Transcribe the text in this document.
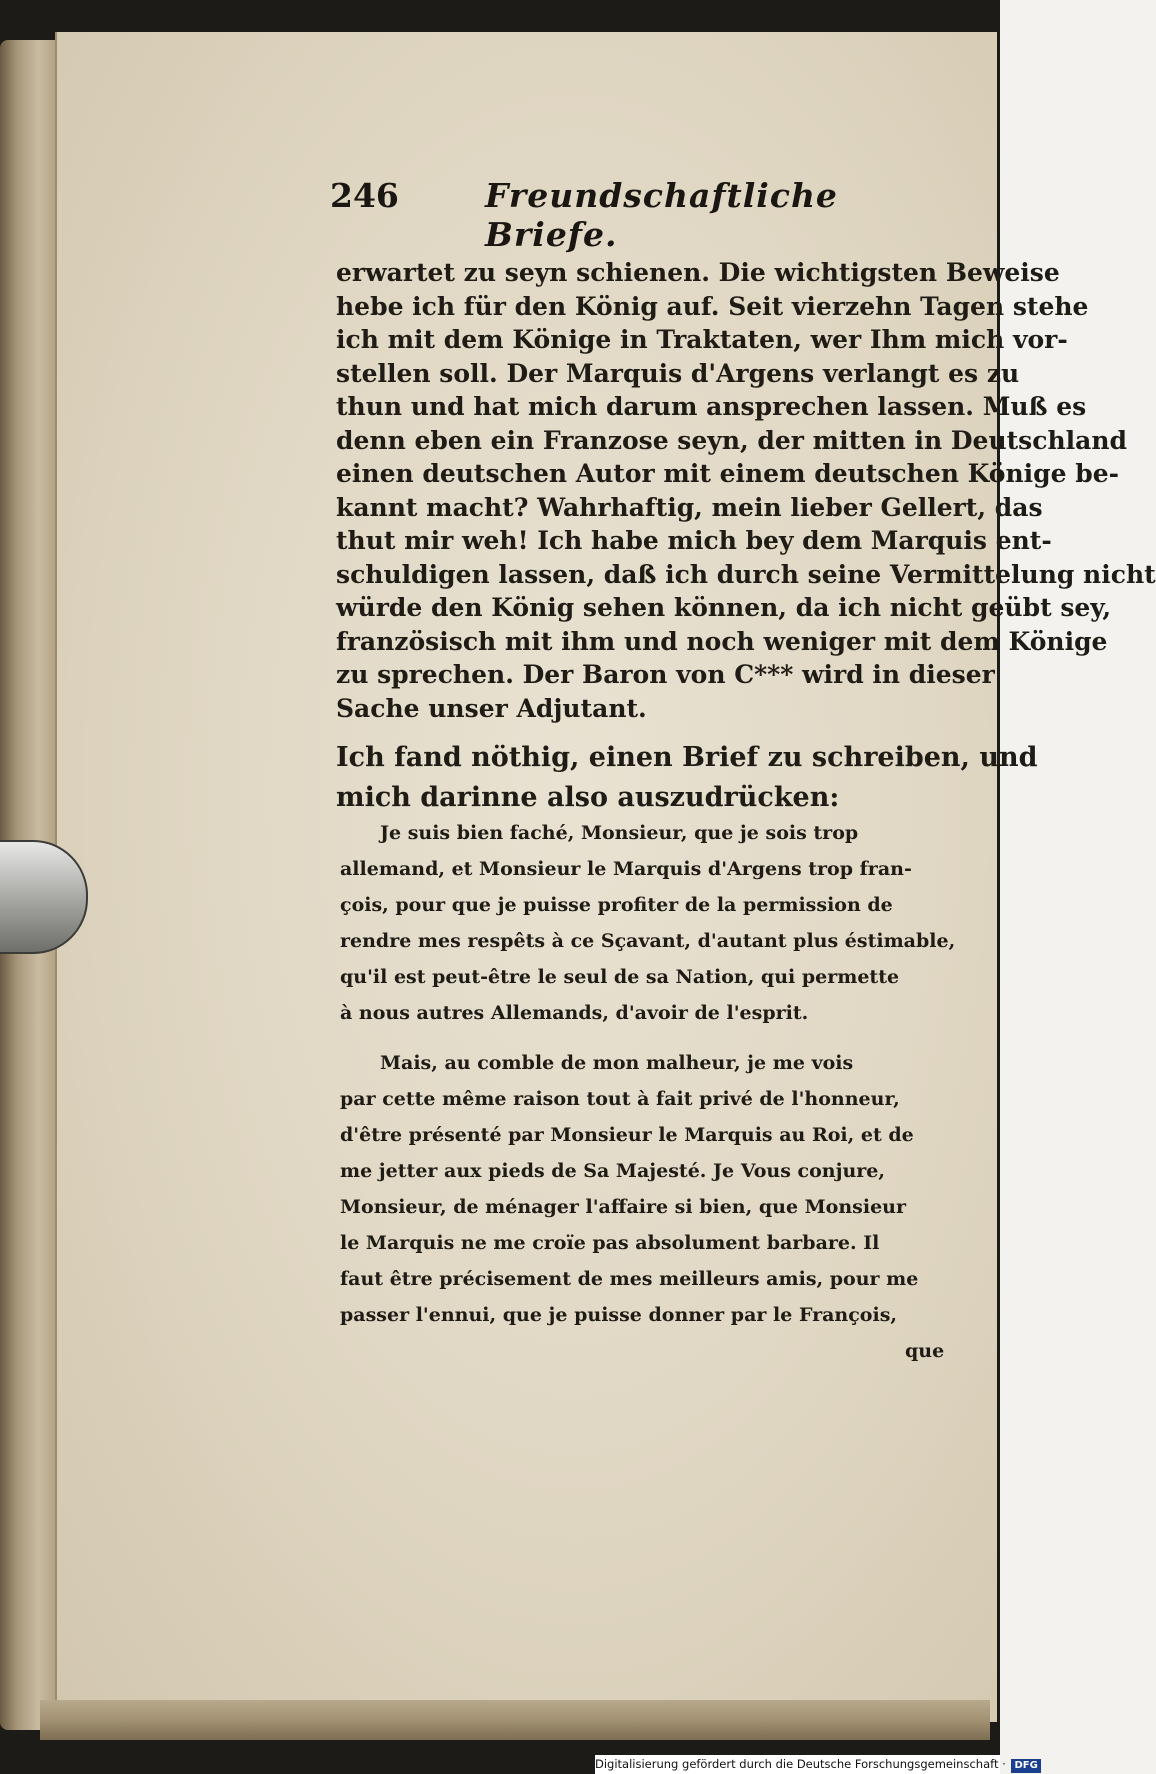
246	Freundschaftliche Briefe.
erwartet zu seyn schienen. Die wichtigsten Beweise
hebe ich für den König auf. Seit vierzehn Tagen stehe
ich mit dem Könige in Traktaten, wer Ihm mich vor-
stellen soll. Der Marquis d'Argens verlangt es zu
thun und hat mich darum ansprechen lassen. Muß es
denn eben ein Franzose seyn, der mitten in Deutschland
einen deutschen Autor mit einem deutschen Könige be-
kannt macht? Wahrhaftig, mein lieber Gellert, das
thut mir weh! Ich habe mich bey dem Marquis ent-
schuldigen lassen, daß ich durch seine Vermittelung nicht
würde den König sehen können, da ich nicht geübt sey,
französisch mit ihm und noch weniger mit dem Könige
zu sprechen. Der Baron von C*** wird in dieser
Sache unser Adjutant.
Ich fand nöthig, einen Brief zu schreiben, und
mich darinne also auszudrücken:
Je suis bien faché, Monsieur, que je sois trop
allemand, et Monsieur le Marquis d'Argens trop fran-
çois, pour que je puisse profiter de la permission de
rendre mes respêts à ce Sçavant, d'autant plus éstimable,
qu'il est peut-être le seul de sa Nation, qui permette
à nous autres Allemands, d'avoir de l'esprit.
Mais, au comble de mon malheur, je me vois
par cette même raison tout à fait privé de l'honneur,
d'être présenté par Monsieur le Marquis au Roi, et de
me jetter aux pieds de Sa Majesté. Je Vous conjure,
Monsieur, de ménager l'affaire si bien, que Monsieur
le Marquis ne me croïe pas absolument barbare. Il
faut être précisement de mes meilleurs amis, pour me
passer l'ennui, que je puisse donner par le François,
que
Digitalisierung gefördert durch die Deutsche Forschungsgemeinschaft · DFG
